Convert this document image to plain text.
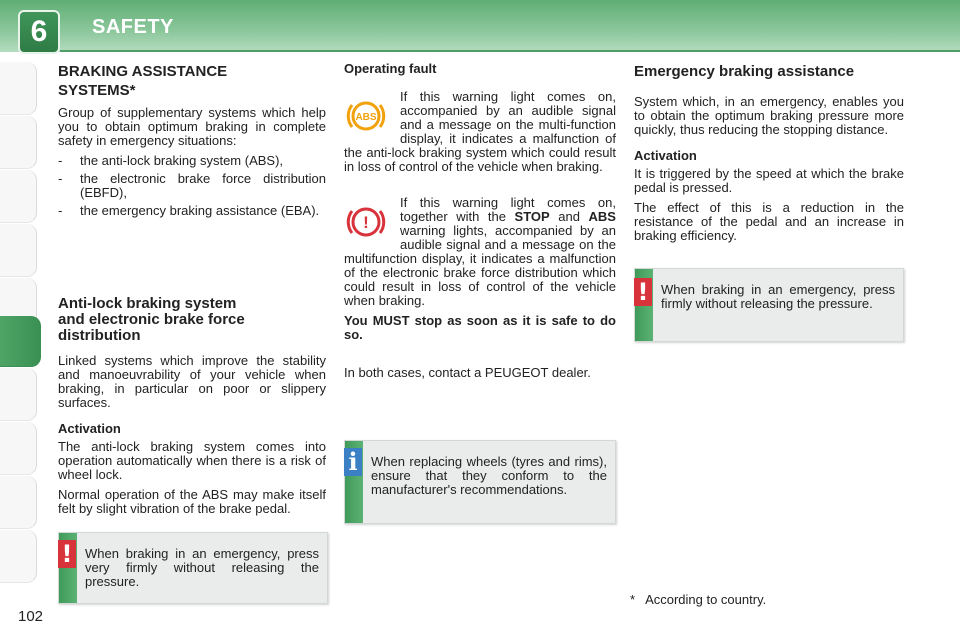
6	SAFETY
BRAKING ASSISTANCE
SYSTEMS*

Group of supplementary systems which help you to obtain optimum braking in complete safety in emergency situations:

- the anti-lock braking system (ABS),
- the electronic brake force distribution (EBFD),
- the emergency braking assistance (EBA).
Anti-lock braking system
and electronic brake force
distribution

Linked systems which improve the stability and manoeuvrability of your vehicle when braking, in particular on poor or slippery surfaces.

Activation

The anti-lock braking system comes into operation automatically when there is a risk of wheel lock.

Normal operation of the ABS may make itself felt by slight vibration of the brake pedal.

When braking in an emergency, press very firmly without releasing the pressure.
!
Operating fault

If this warning light comes on, accompanied by an audible signal and a message on the multi-function display, it indicates a malfunction of the anti-lock braking system which could result in loss of control of the vehicle when braking.

ABS

If this warning light comes on, together with the STOP and ABS warning lights, accompanied by an audible signal and a message on the multifunction display, it indicates a malfunction of the electronic brake force distribution which could result in loss of control of the vehicle when braking.

You MUST stop as soon as it is safe to do so.

In both cases, contact a PEUGEOT dealer.

!
When replacing wheels (tyres and rims), ensure that they conform to the manufacturer's recommendations.
i
Emergency braking assistance

System which, in an emergency, enables you to obtain the optimum braking pressure more quickly, thus reducing the stopping distance.

Activation

It is triggered by the speed at which the brake pedal is pressed.

The effect of this is a reduction in the resistance of the pedal and an increase in braking efficiency.

When braking in an emergency, press firmly without releasing the pressure.
!
* According to country.
102
